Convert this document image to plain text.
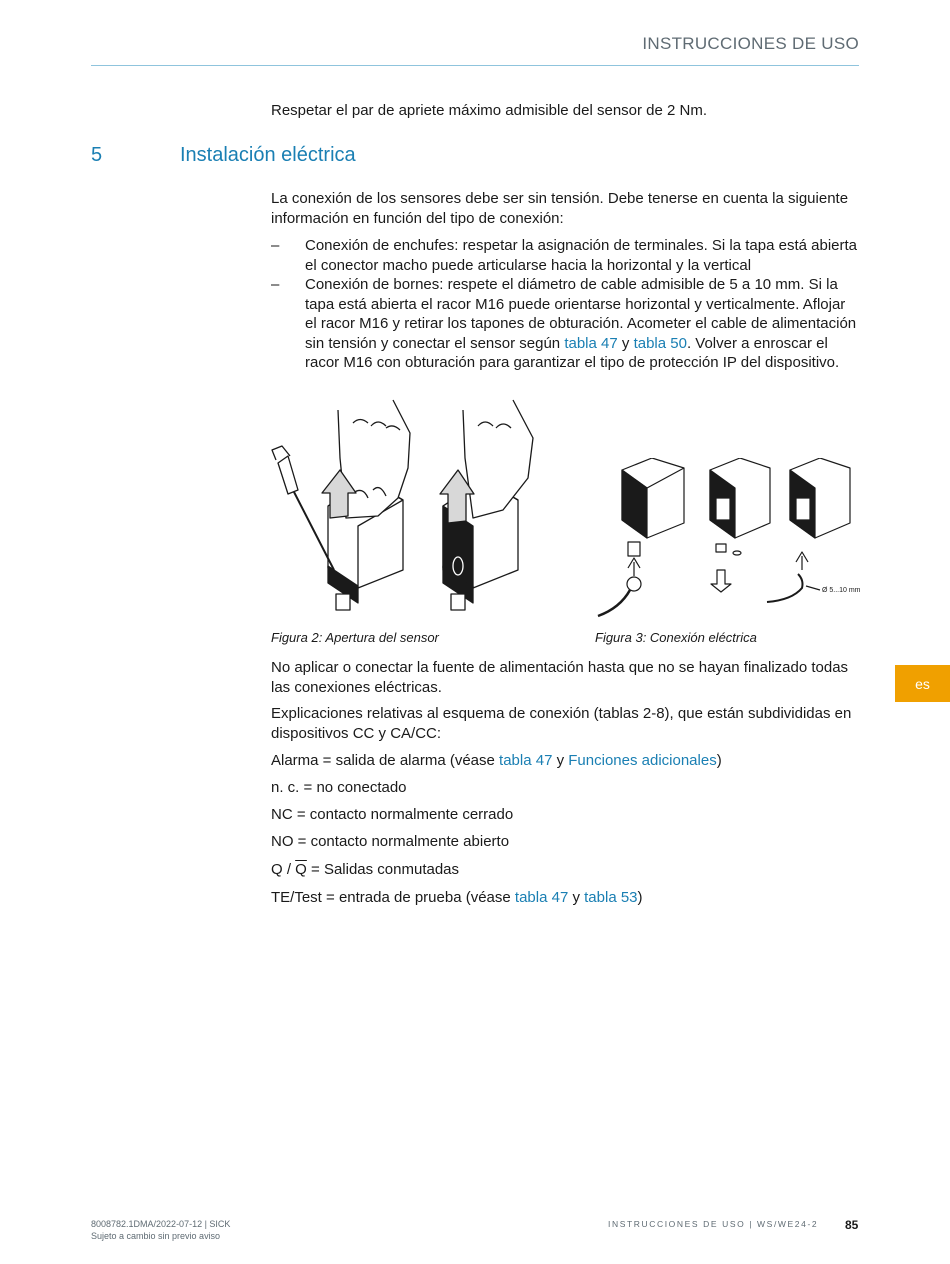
INSTRUCCIONES DE USO
Respetar el par de apriete máximo admisible del sensor de 2 Nm.
5	Instalación eléctrica
La conexión de los sensores debe ser sin tensión. Debe tenerse en cuenta la siguiente información en función del tipo de conexión:
– Conexión de enchufes: respetar la asignación de terminales. Si la tapa está abierta el conector macho puede articularse hacia la horizontal y la vertical
– Conexión de bornes: respete el diámetro de cable admisible de 5 a 10 mm. Si la tapa está abierta el racor M16 puede orientarse horizontal y verticalmente. Aflojar el racor M16 y retirar los tapones de obturación. Acometer el cable de alimentación sin tensión y conectar el sensor según tabla 47 y tabla 50. Volver a enroscar el racor M16 con obturación para garantizar el tipo de protección IP del dispositivo.
Ø 5...10 mm
Figura 2: Apertura del sensor	Figura 3: Conexión eléctrica
No aplicar o conectar la fuente de alimentación hasta que no se hayan finalizado todas las conexiones eléctricas.
Explicaciones relativas al esquema de conexión (tablas 2-8), que están subdivididas en dispositivos CC y CA/CC:
Alarma = salida de alarma (véase tabla 47 y Funciones adicionales)
n. c. = no conectado
NC = contacto normalmente cerrado
NO = contacto normalmente abierto
Q / $\overline{Q}$ = Salidas conmutadas
TE/Test = entrada de prueba (véase tabla 47 y tabla 53)
es
8008782.1DMA/2022-07-12 | SICK
Sujeto a cambio sin previo aviso
INSTRUCCIONES DE USO | WS/WE24-2 85
